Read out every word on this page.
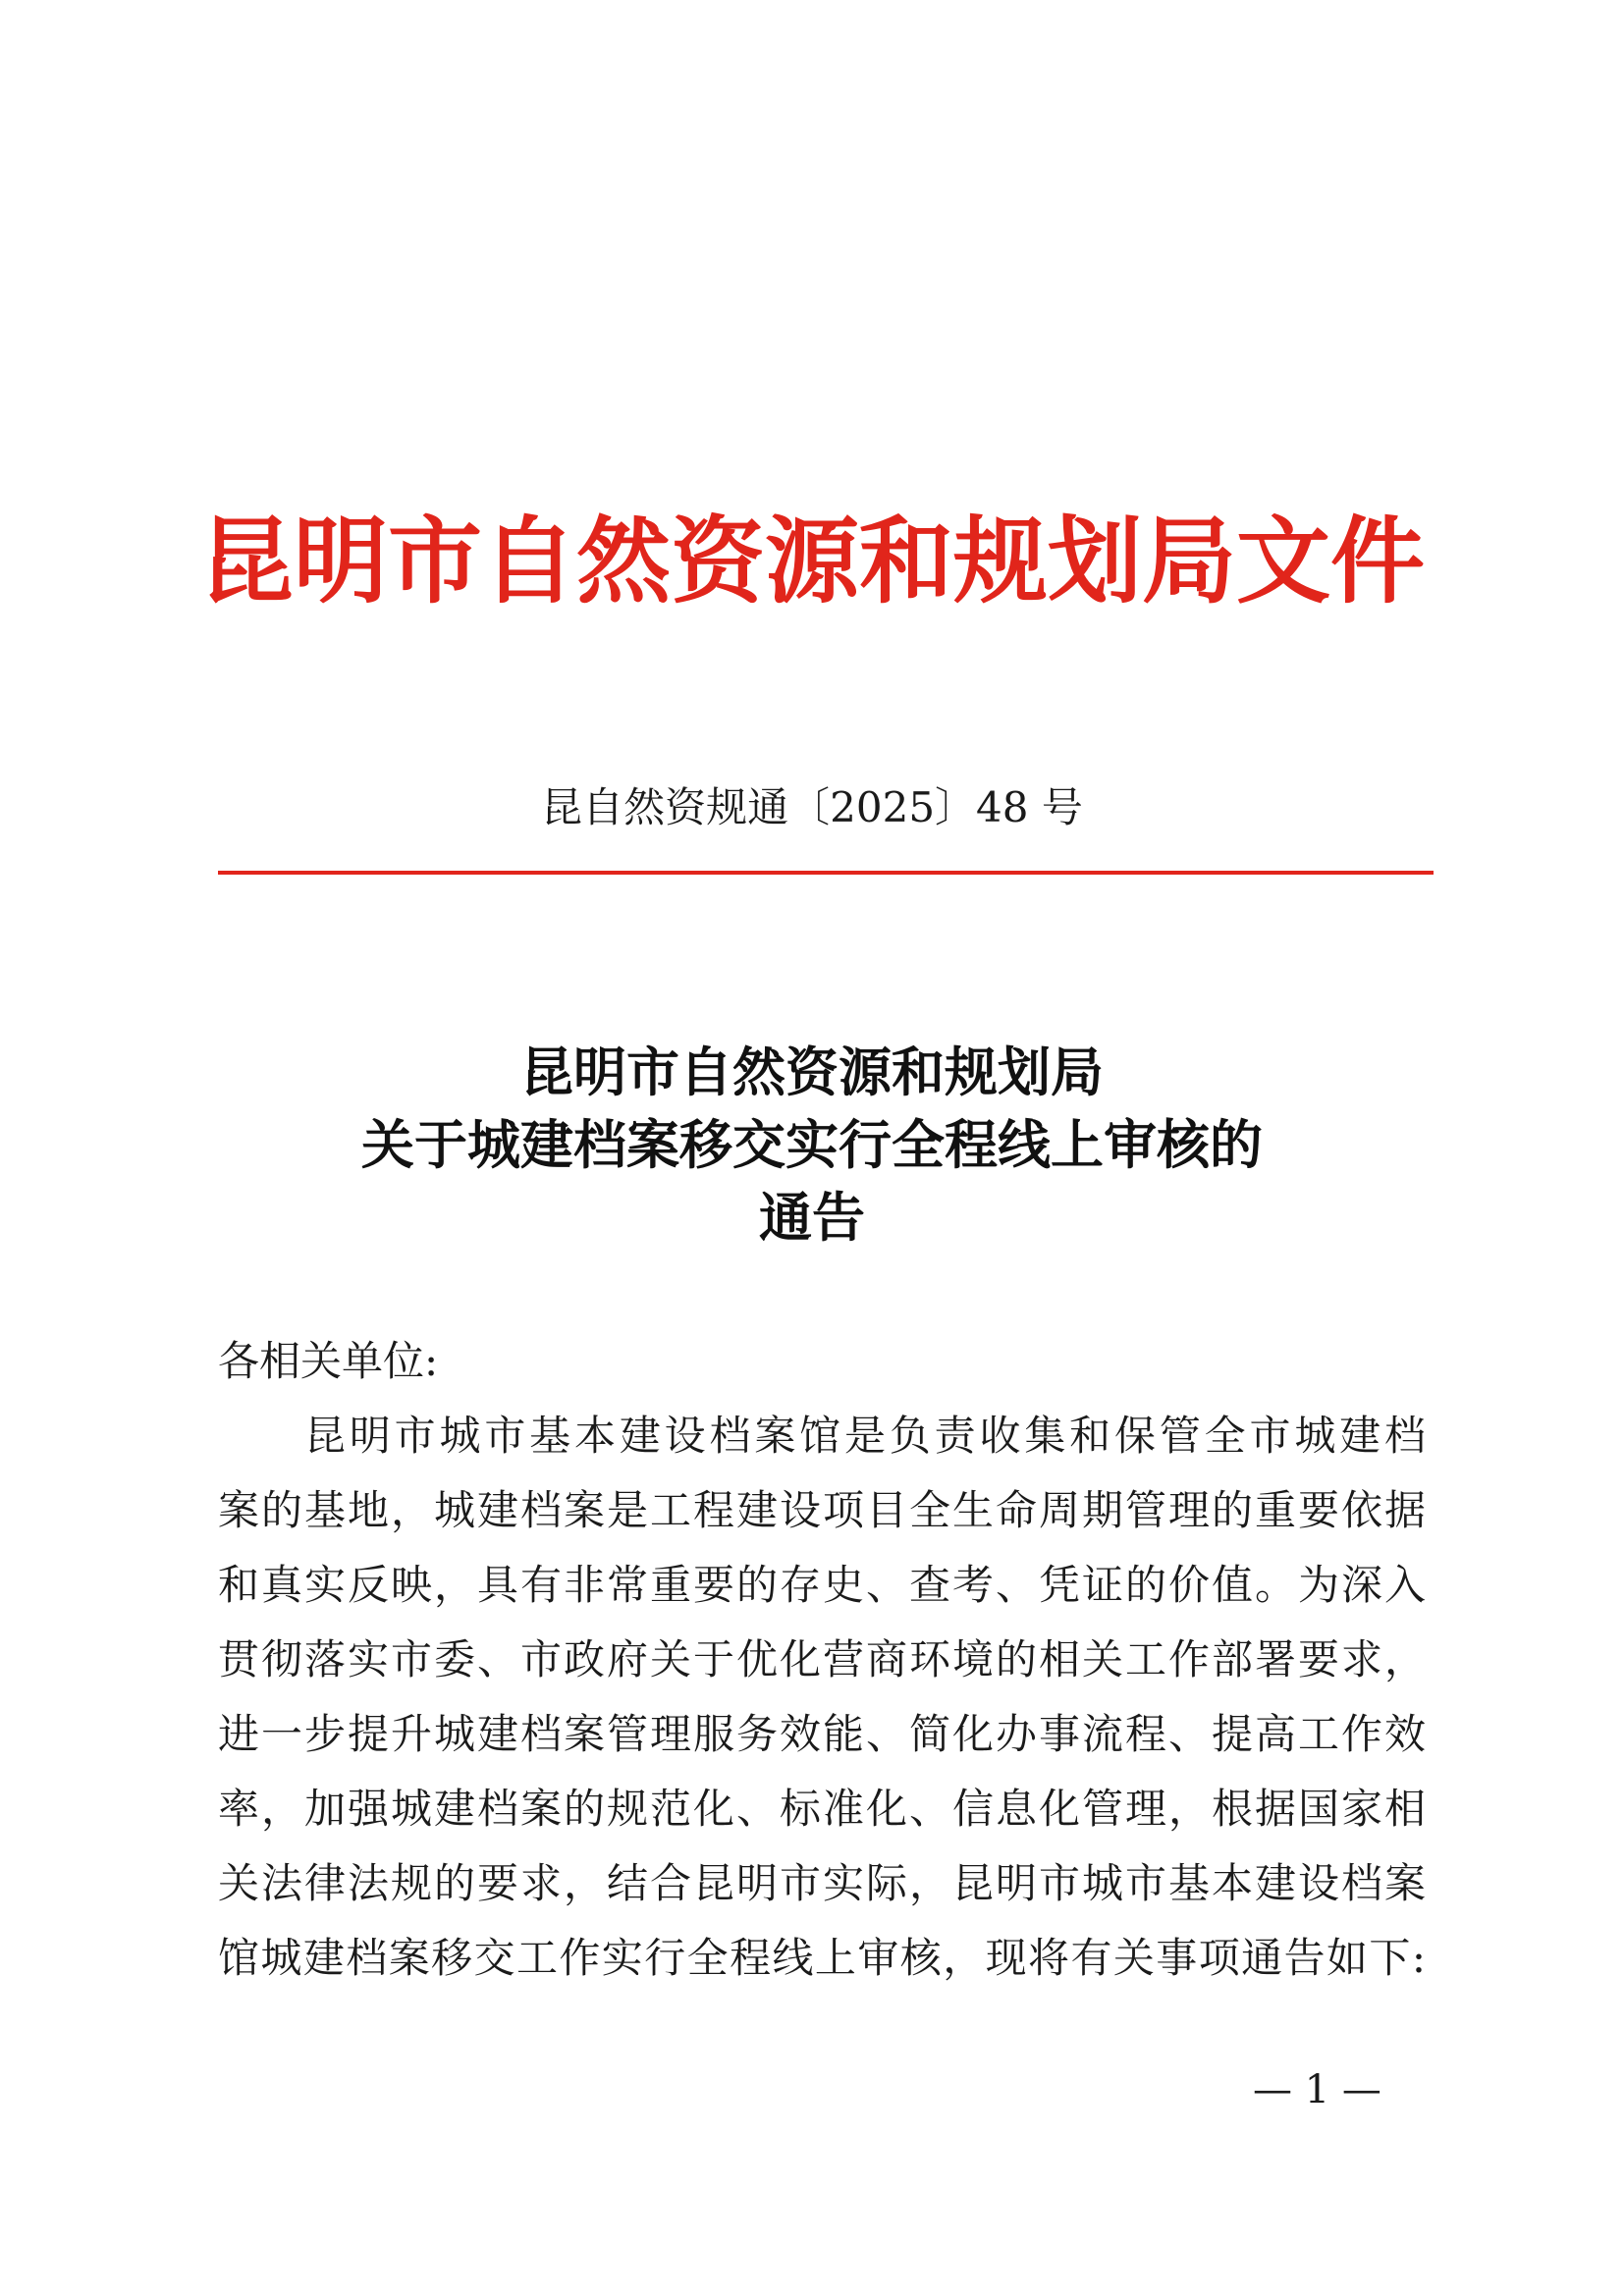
昆明市自然资源和规划局文件
昆自然资规通〔2025〕48 号
昆明市自然资源和规划局
关于城建档案移交实行全程线上审核的
通告
各相关单位:
昆明市城市基本建设档案馆是负责收集和保管全市城建档
案的基地，城建档案是工程建设项目全生命周期管理的重要依据
和真实反映，具有非常重要的存史、查考、凭证的价值。为深入
贯彻落实市委、市政府关于优化营商环境的相关工作部署要求，
进一步提升城建档案管理服务效能、简化办事流程、提高工作效
率，加强城建档案的规范化、标准化、信息化管理，根据国家相
关法律法规的要求，结合昆明市实际，昆明市城市基本建设档案
馆城建档案移交工作实行全程线上审核，现将有关事项通告如下:
— 1 —
